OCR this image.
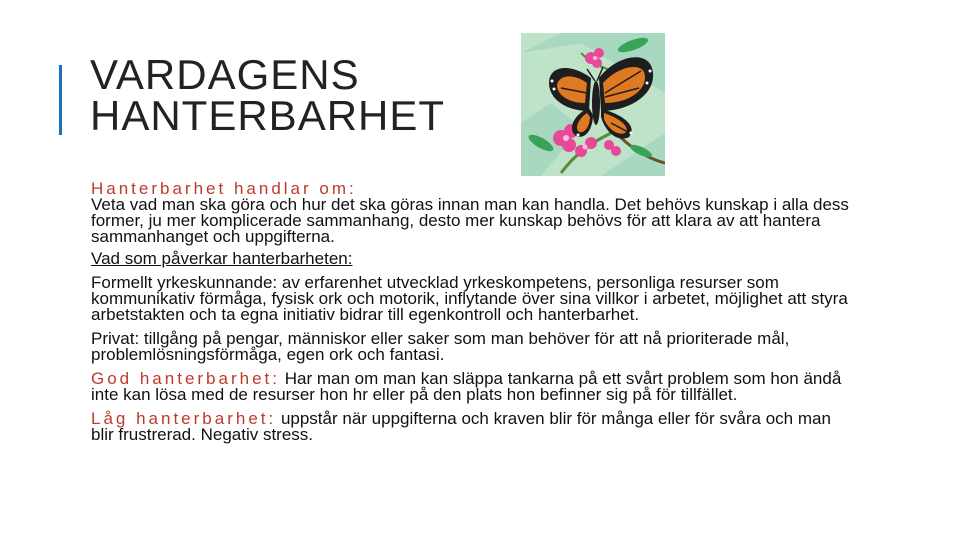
VARDAGENS
HANTERBARHET

Hanterbarhet handlar om:
Veta vad man ska göra och hur det ska göras innan man kan handla. Det behövs kunskap i alla dess former, ju mer komplicerade sammanhang, desto mer kunskap behövs för att klara av att hantera sammanhanget och uppgifterna.

Vad som påverkar hanterbarheten:

Formellt yrkeskunnande: av erfarenhet utvecklad yrkeskompetens, personliga resurser som kommunikativ förmåga, fysisk ork och motorik, inflytande över sina villkor i arbetet, möjlighet att styra arbetstakten och ta egna initiativ bidrar till egenkontroll och hanterbarhet.

Privat: tillgång på pengar, människor eller saker som man behöver för att nå prioriterade mål, problemlösningsförmåga, egen ork och fantasi.

God hanterbarhet: Har man om man kan släppa tankarna på ett svårt problem som hon ändå inte kan lösa med de resurser hon hr eller på den plats hon befinner sig på för tillfället.

Låg hanterbarhet: uppstår när uppgifterna och kraven blir för många eller för svåra och man blir frustrerad. Negativ stress.
